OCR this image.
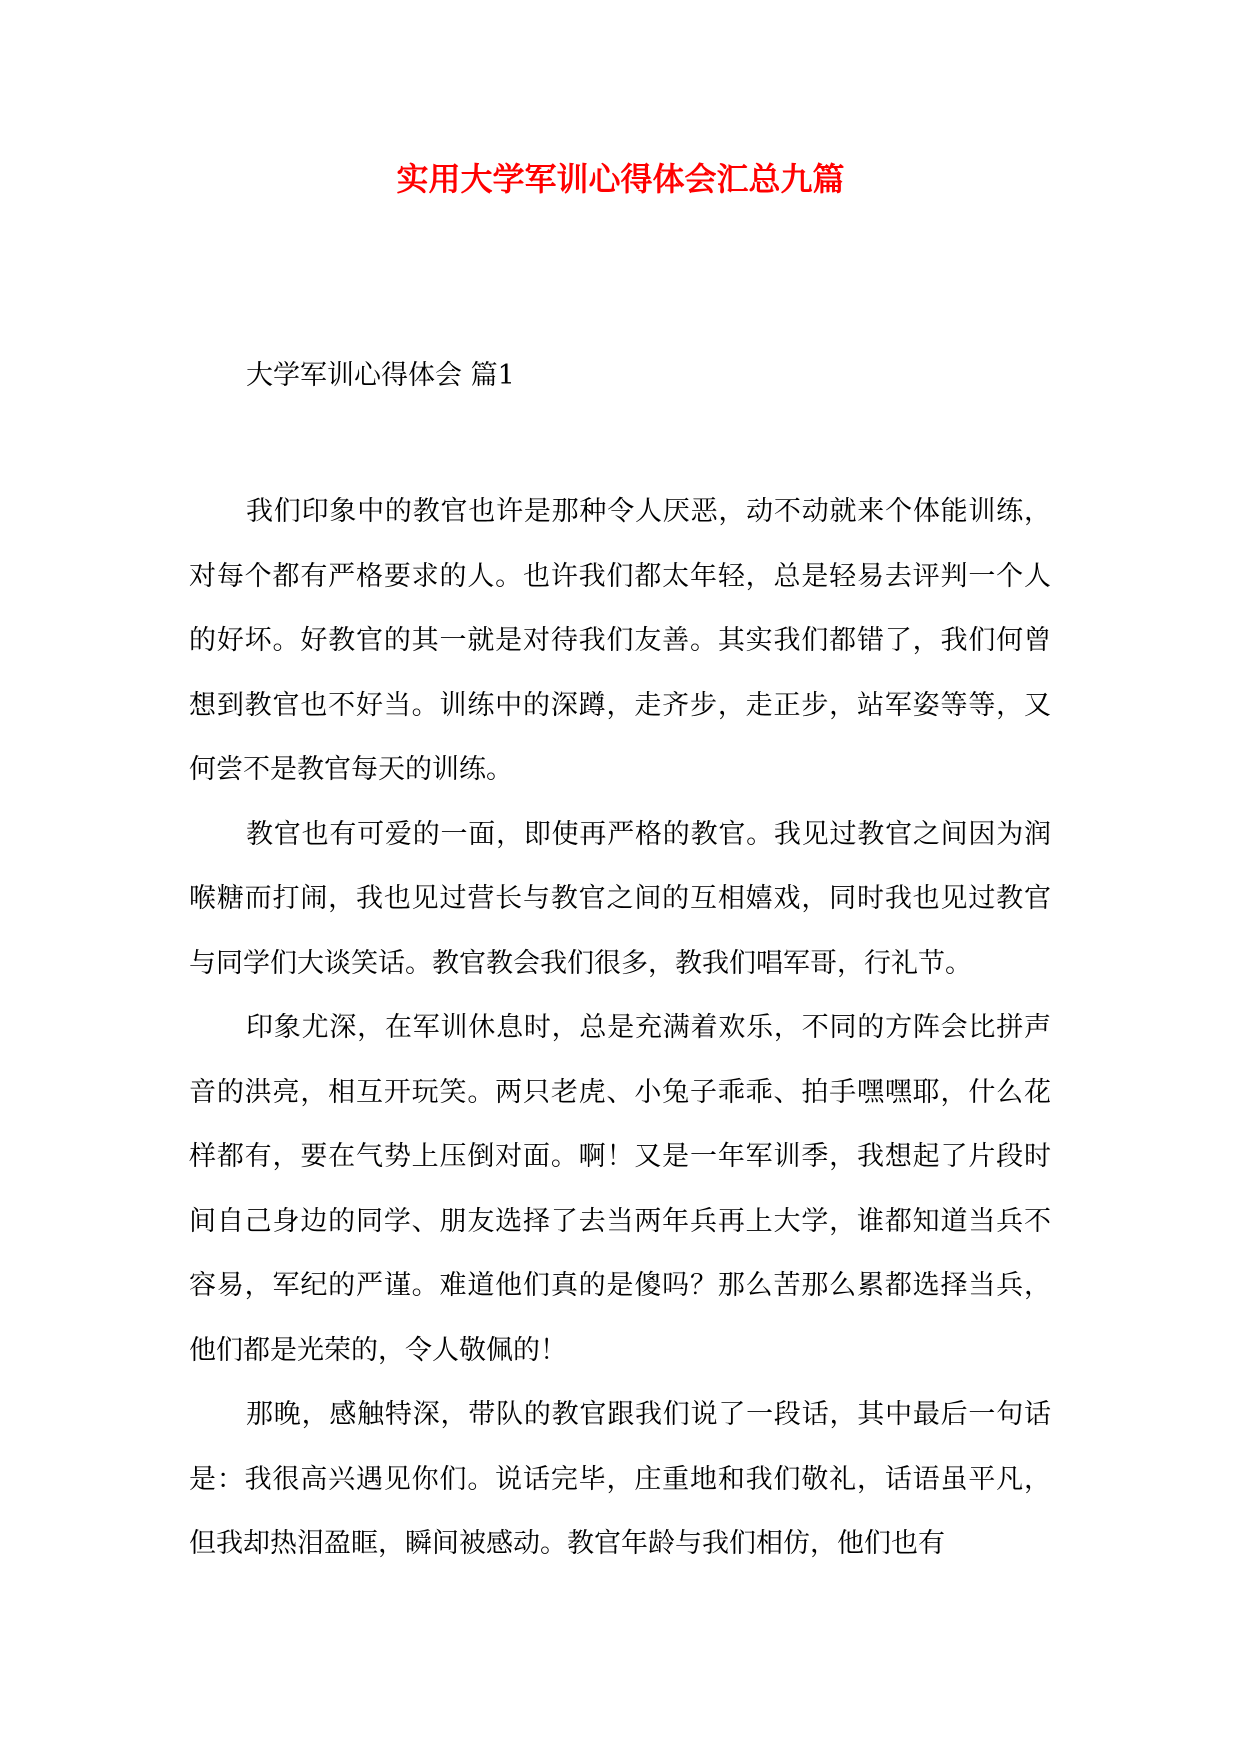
实用大学军训心得体会汇总九篇
大学军训心得体会 篇1

我们印象中的教官也许是那种令人厌恶，动不动就来个体能训练，对每个都有严格要求的人。也许我们都太年轻，总是轻易去评判一个人的好坏。好教官的其一就是对待我们友善。其实我们都错了，我们何曾想到教官也不好当。训练中的深蹲，走齐步，走正步，站军姿等等，又何尝不是教官每天的训练。

教官也有可爱的一面，即使再严格的教官。我见过教官之间因为润喉糖而打闹，我也见过营长与教官之间的互相嬉戏，同时我也见过教官与同学们大谈笑话。教官教会我们很多，教我们唱军哥，行礼节。

印象尤深，在军训休息时，总是充满着欢乐，不同的方阵会比拼声音的洪亮，相互开玩笑。两只老虎、小兔子乖乖、拍手嘿嘿耶，什么花样都有，要在气势上压倒对面。啊！又是一年军训季，我想起了片段时间自己身边的同学、朋友选择了去当两年兵再上大学，谁都知道当兵不容易，军纪的严谨。难道他们真的是傻吗？那么苦那么累都选择当兵，他们都是光荣的，令人敬佩的！

那晚，感触特深，带队的教官跟我们说了一段话，其中最后一句话是：我很高兴遇见你们。说话完毕，庄重地和我们敬礼，话语虽平凡，但我却热泪盈眶，瞬间被感动。教官年龄与我们相仿，他们也有
